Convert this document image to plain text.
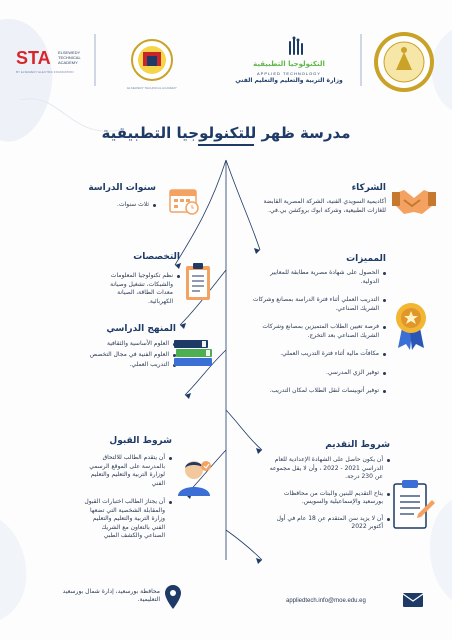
STA ELSEWEDY
TECHNICAL
ACADEMY
BY ELSEWEDY ELECTRIC FOUNDATION
ELSEWEDY TECHNICAL ACADEMY
التكنولوجيا التطبيقية
APPLIED TECHNOLOGY
وزارة التربية والتعليم والتعليم الفني
مدرسة ظهر للتكنولوجيا التطبيقية
الشركاء
أكاديمية السويدي الفنية، الشركة المصرية القابضة للغازات الطبيعية، وشركة ابوك بروكشن بي.في.
المميزات
الحصول على شهادة مصرية مطابقة للمعايير الدولية.
التدريب العملي أثناء فترة الدراسة بمصانع وشركات الشريك الصناعي.
فرصة تعيين الطلاب المتميزين بمصانع وشركات الشريك الصناعي بعد التخرج.
مكافآت مالية أثناء فترة التدريب العملي.
توفير الزي المدرسي.
توفير أتوبيسات لنقل الطلاب لمكان التدريب.
شروط التقديم
أن يكون حاصل على الشهادة الإعدادية للعام الدراسي 2021 - 2022 ، وأن لا يقل مجموعه عن 230 درجة.
يتاح التقديم للبنين والبنات من محافظات بورسعيد والإسماعيلية والسويس.
أن لا يزيد سن المتقدم عن 18 عام في أول أكتوبر 2022
سنوات الدراسة
ثلاث سنوات.
التخصصات
نظم تكنولوجيا المعلومات والشبكات، تشغيل وصيانة معدات الطاقة، الصيانة الكهربائية.
المنهج الدراسي
العلوم الأساسية والثقافية
العلوم الفنية في مجال التخصص
التدريب العملي.
شروط القبول
أن يتقدم الطالب للالتحاق بالمدرسة على الموقع الرسمي لوزارة التربية والتعليم والتعليم الفني
أن يجتاز الطالب اختبارات القبول والمقابلة الشخصية التي تضعها وزارة التربية والتعليم والتعليم الفني بالتعاون مع الشريك الصناعي والكشف الطبي
محافظة بورسعيد، إدارة شمال بورسعيد التعليمية.	appliedtech.info@moe.edu.eg
